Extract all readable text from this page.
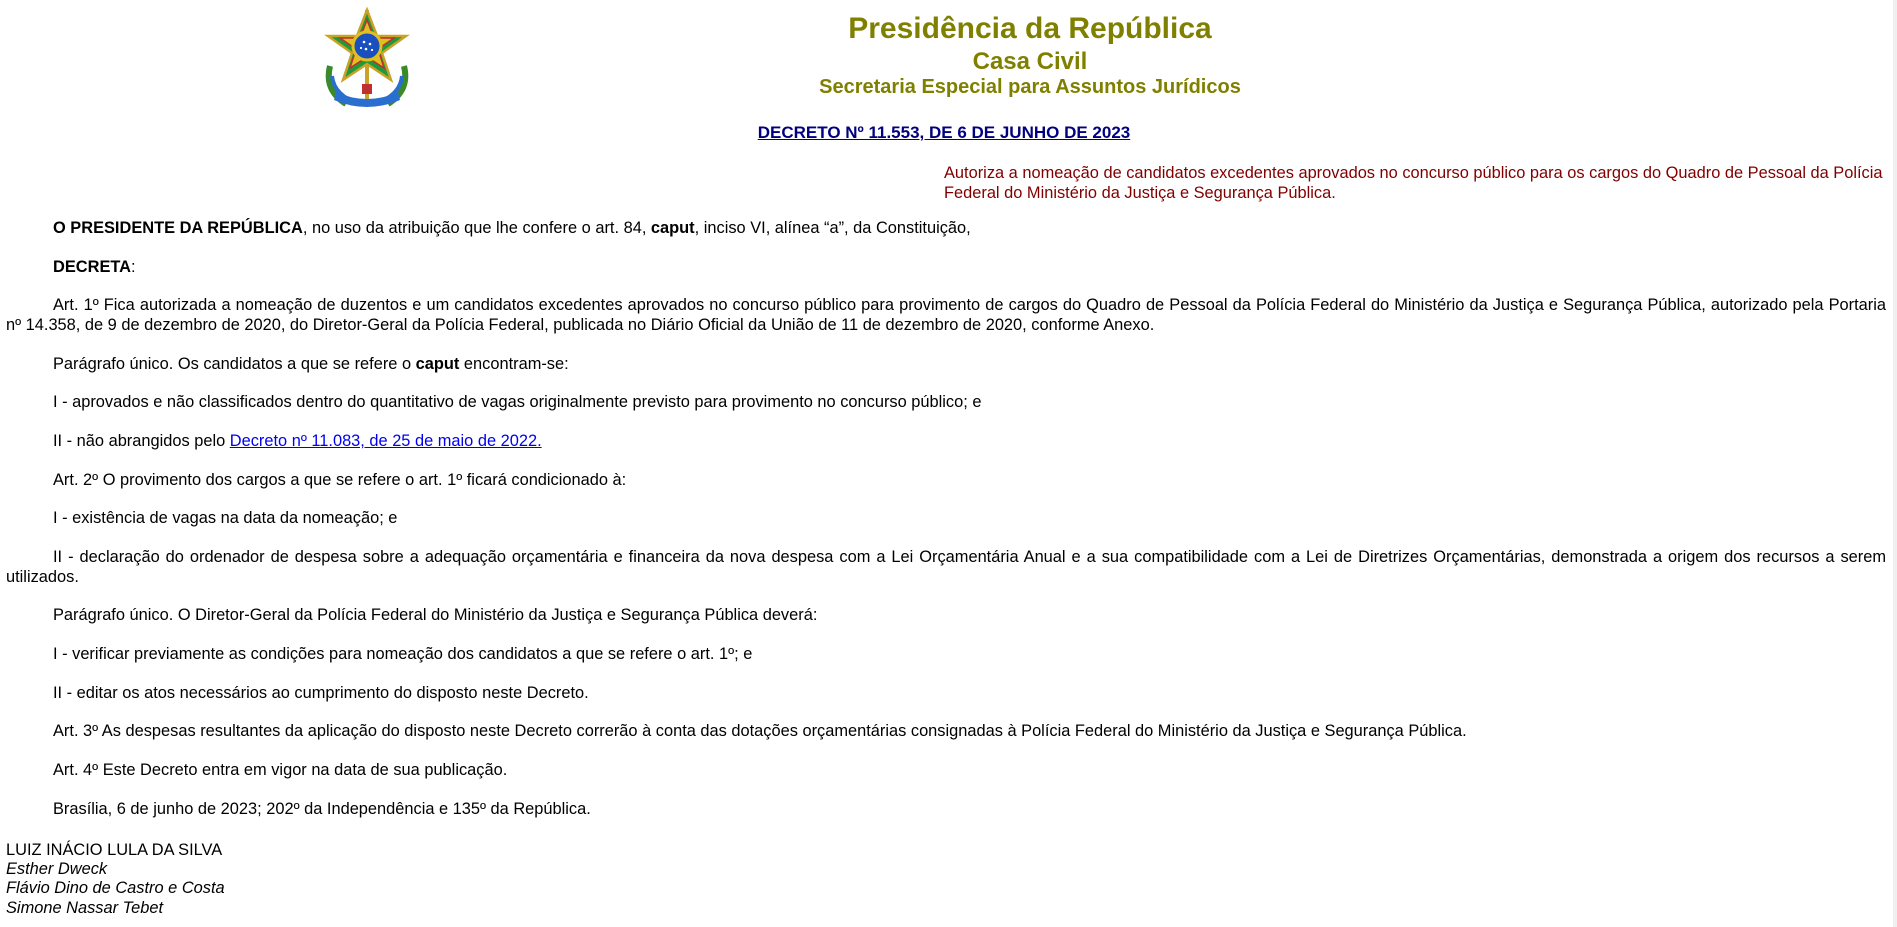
Presidência da República
Casa Civil
Secretaria Especial para Assuntos Jurídicos
DECRETO Nº 11.553, DE 6 DE JUNHO DE 2023
Autoriza a nomeação de candidatos excedentes aprovados no concurso público para os cargos do Quadro de Pessoal da Polícia Federal do Ministério da Justiça e Segurança Pública.

O PRESIDENTE DA REPÚBLICA, no uso da atribuição que lhe confere o art. 84, caput, inciso VI, alínea “a”, da Constituição,

DECRETA:

Art. 1º Fica autorizada a nomeação de duzentos e um candidatos excedentes aprovados no concurso público para provimento de cargos do Quadro de Pessoal da Polícia Federal do Ministério da Justiça e Segurança Pública, autorizado pela Portaria nº 14.358, de 9 de dezembro de 2020, do Diretor-Geral da Polícia Federal, publicada no Diário Oficial da União de 11 de dezembro de 2020, conforme Anexo.

Parágrafo único. Os candidatos a que se refere o caput encontram-se:

I - aprovados e não classificados dentro do quantitativo de vagas originalmente previsto para provimento no concurso público; e

II - não abrangidos pelo Decreto nº 11.083, de 25 de maio de 2022.

Art. 2º O provimento dos cargos a que se refere o art. 1º ficará condicionado à:

I - existência de vagas na data da nomeação; e

II - declaração do ordenador de despesa sobre a adequação orçamentária e financeira da nova despesa com a Lei Orçamentária Anual e a sua compatibilidade com a Lei de Diretrizes Orçamentárias, demonstrada a origem dos recursos a serem utilizados.

Parágrafo único. O Diretor-Geral da Polícia Federal do Ministério da Justiça e Segurança Pública deverá:

I - verificar previamente as condições para nomeação dos candidatos a que se refere o art. 1º; e

II - editar os atos necessários ao cumprimento do disposto neste Decreto.

Art. 3º As despesas resultantes da aplicação do disposto neste Decreto correrão à conta das dotações orçamentárias consignadas à Polícia Federal do Ministério da Justiça e Segurança Pública.

Art. 4º Este Decreto entra em vigor na data de sua publicação.

Brasília, 6 de junho de 2023; 202º da Independência e 135º da República.

LUIZ INÁCIO LULA DA SILVA
Esther Dweck
Flávio Dino de Castro e Costa
Simone Nassar Tebet
